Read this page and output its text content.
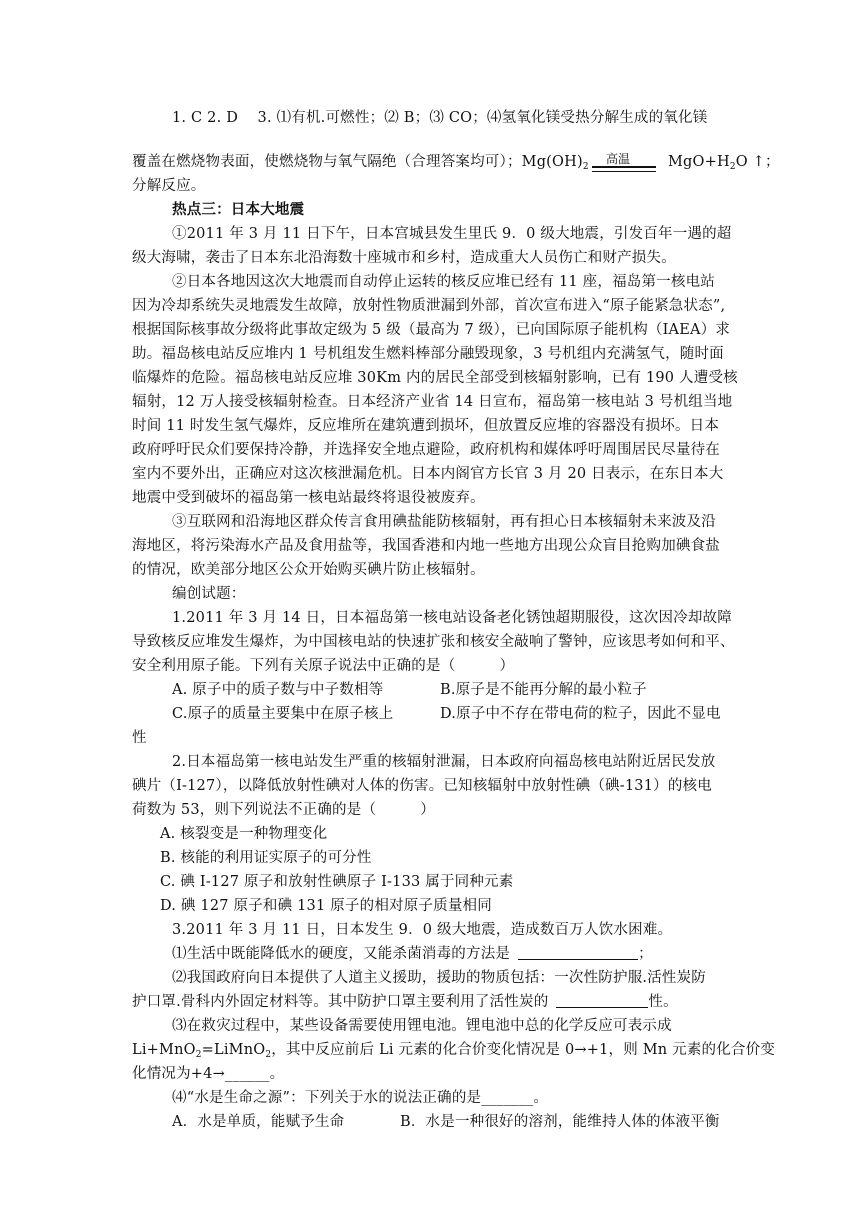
1. C 2. D　 3. ⑴有机.可燃性；⑵ B；⑶ CO；⑷氢氧化镁受热分解生成的氧化镁
覆盖在燃烧物表面，使燃烧物与氧气隔绝（合理答案均可）；$Mg(OH)_2$
高温	$MgO+H_2O$ ↑；
分解反应。
热点三：日本大地震
①2011 年 3 月 11 日下午，日本宫城县发生里氏 9．0 级大地震，引发百年一遇的超
级大海啸，袭击了日本东北沿海数十座城市和乡村，造成重大人员伤亡和财产损失。
②日本各地因这次大地震而自动停止运转的核反应堆已经有 11 座，福岛第一核电站
因为冷却系统失灵地震发生故障，放射性物质泄漏到外部，首次宣布进入“原子能紧急状态”,
根据国际核事故分级将此事故定级为 5 级（最高为 7 级），已向国际原子能机构（IAEA）求
助。福岛核电站反应堆内 1 号机组发生燃料棒部分融毁现象，3 号机组内充满氢气，随时面
临爆炸的危险。福岛核电站反应堆 30Km 内的居民全部受到核辐射影响，已有 190 人遭受核
辐射，12 万人接受核辐射检查。日本经济产业省 14 日宣布，福岛第一核电站 3 号机组当地
时间 11 时发生氢气爆炸，反应堆所在建筑遭到损坏，但放置反应堆的容器没有损坏。日本
政府呼吁民众们要保持冷静，并选择安全地点避险，政府机构和媒体呼吁周围居民尽量待在
室内不要外出，正确应对这次核泄漏危机。日本内阁官方长官 3 月 20 日表示，在东日本大
地震中受到破坏的福岛第一核电站最终将退役被废弃。
③互联网和沿海地区群众传言食用碘盐能防核辐射，再有担心日本核辐射未来波及沿
海地区，将污染海水产品及食用盐等，我国香港和内地一些地方出现公众盲目抢购加碘食盐
的情况，欧美部分地区公众开始购买碘片防止核辐射。
编创试题：
1.2011 年 3 月 14 日，日本福岛第一核电站设备老化锈蚀超期服役，这次因冷却故障
导致核反应堆发生爆炸，为中国核电站的快速扩张和核安全敲响了警钟，应该思考如何和平、
安全利用原子能。下列有关原子说法中正确的是（　　　）
A. 原子中的质子数与中子数相等	B.原子是不能再分解的最小粒子
C.原子的质量主要集中在原子核上	D.原子中不存在带电荷的粒子，因此不显电
性
2.日本福岛第一核电站发生严重的核辐射泄漏，日本政府向福岛核电站附近居民发放
碘片（I-127），以降低放射性碘对人体的伤害。已知核辐射中放射性碘（碘-131）的核电
荷数为 53，则下列说法不正确的是（　　　）
A. 核裂变是一种物理变化
B. 核能的利用证实原子的可分性
C. 碘 I-127 原子和放射性碘原子 I-133 属于同种元素
D. 碘 127 原子和碘 131 原子的相对原子质量相同
3.2011 年 3 月 11 日，日本发生 9．0 级大地震，造成数百万人饮水困难。
⑴生活中既能降低水的硬度，又能杀菌消毒的方法是	；
⑵我国政府向日本提供了人道主义援助，援助的物质包括：一次性防护服.活性炭防
护口罩.骨科内外固定材料等。其中防护口罩主要利用了活性炭的	性。
⑶在救灾过程中，某些设备需要使用锂电池。锂电池中总的化学反应可表示成
Li+MnO$_2$=LiMnO$_2$，其中反应前后 Li 元素的化合价变化情况是 0→+1，则 Mn 元素的化合价变
化情况为+4→______。
⑷“水是生命之源”：下列关于水的说法正确的是_______。
A．水是单质，能赋予生命	B．水是一种很好的溶剂，能维持人体的体液平衡
